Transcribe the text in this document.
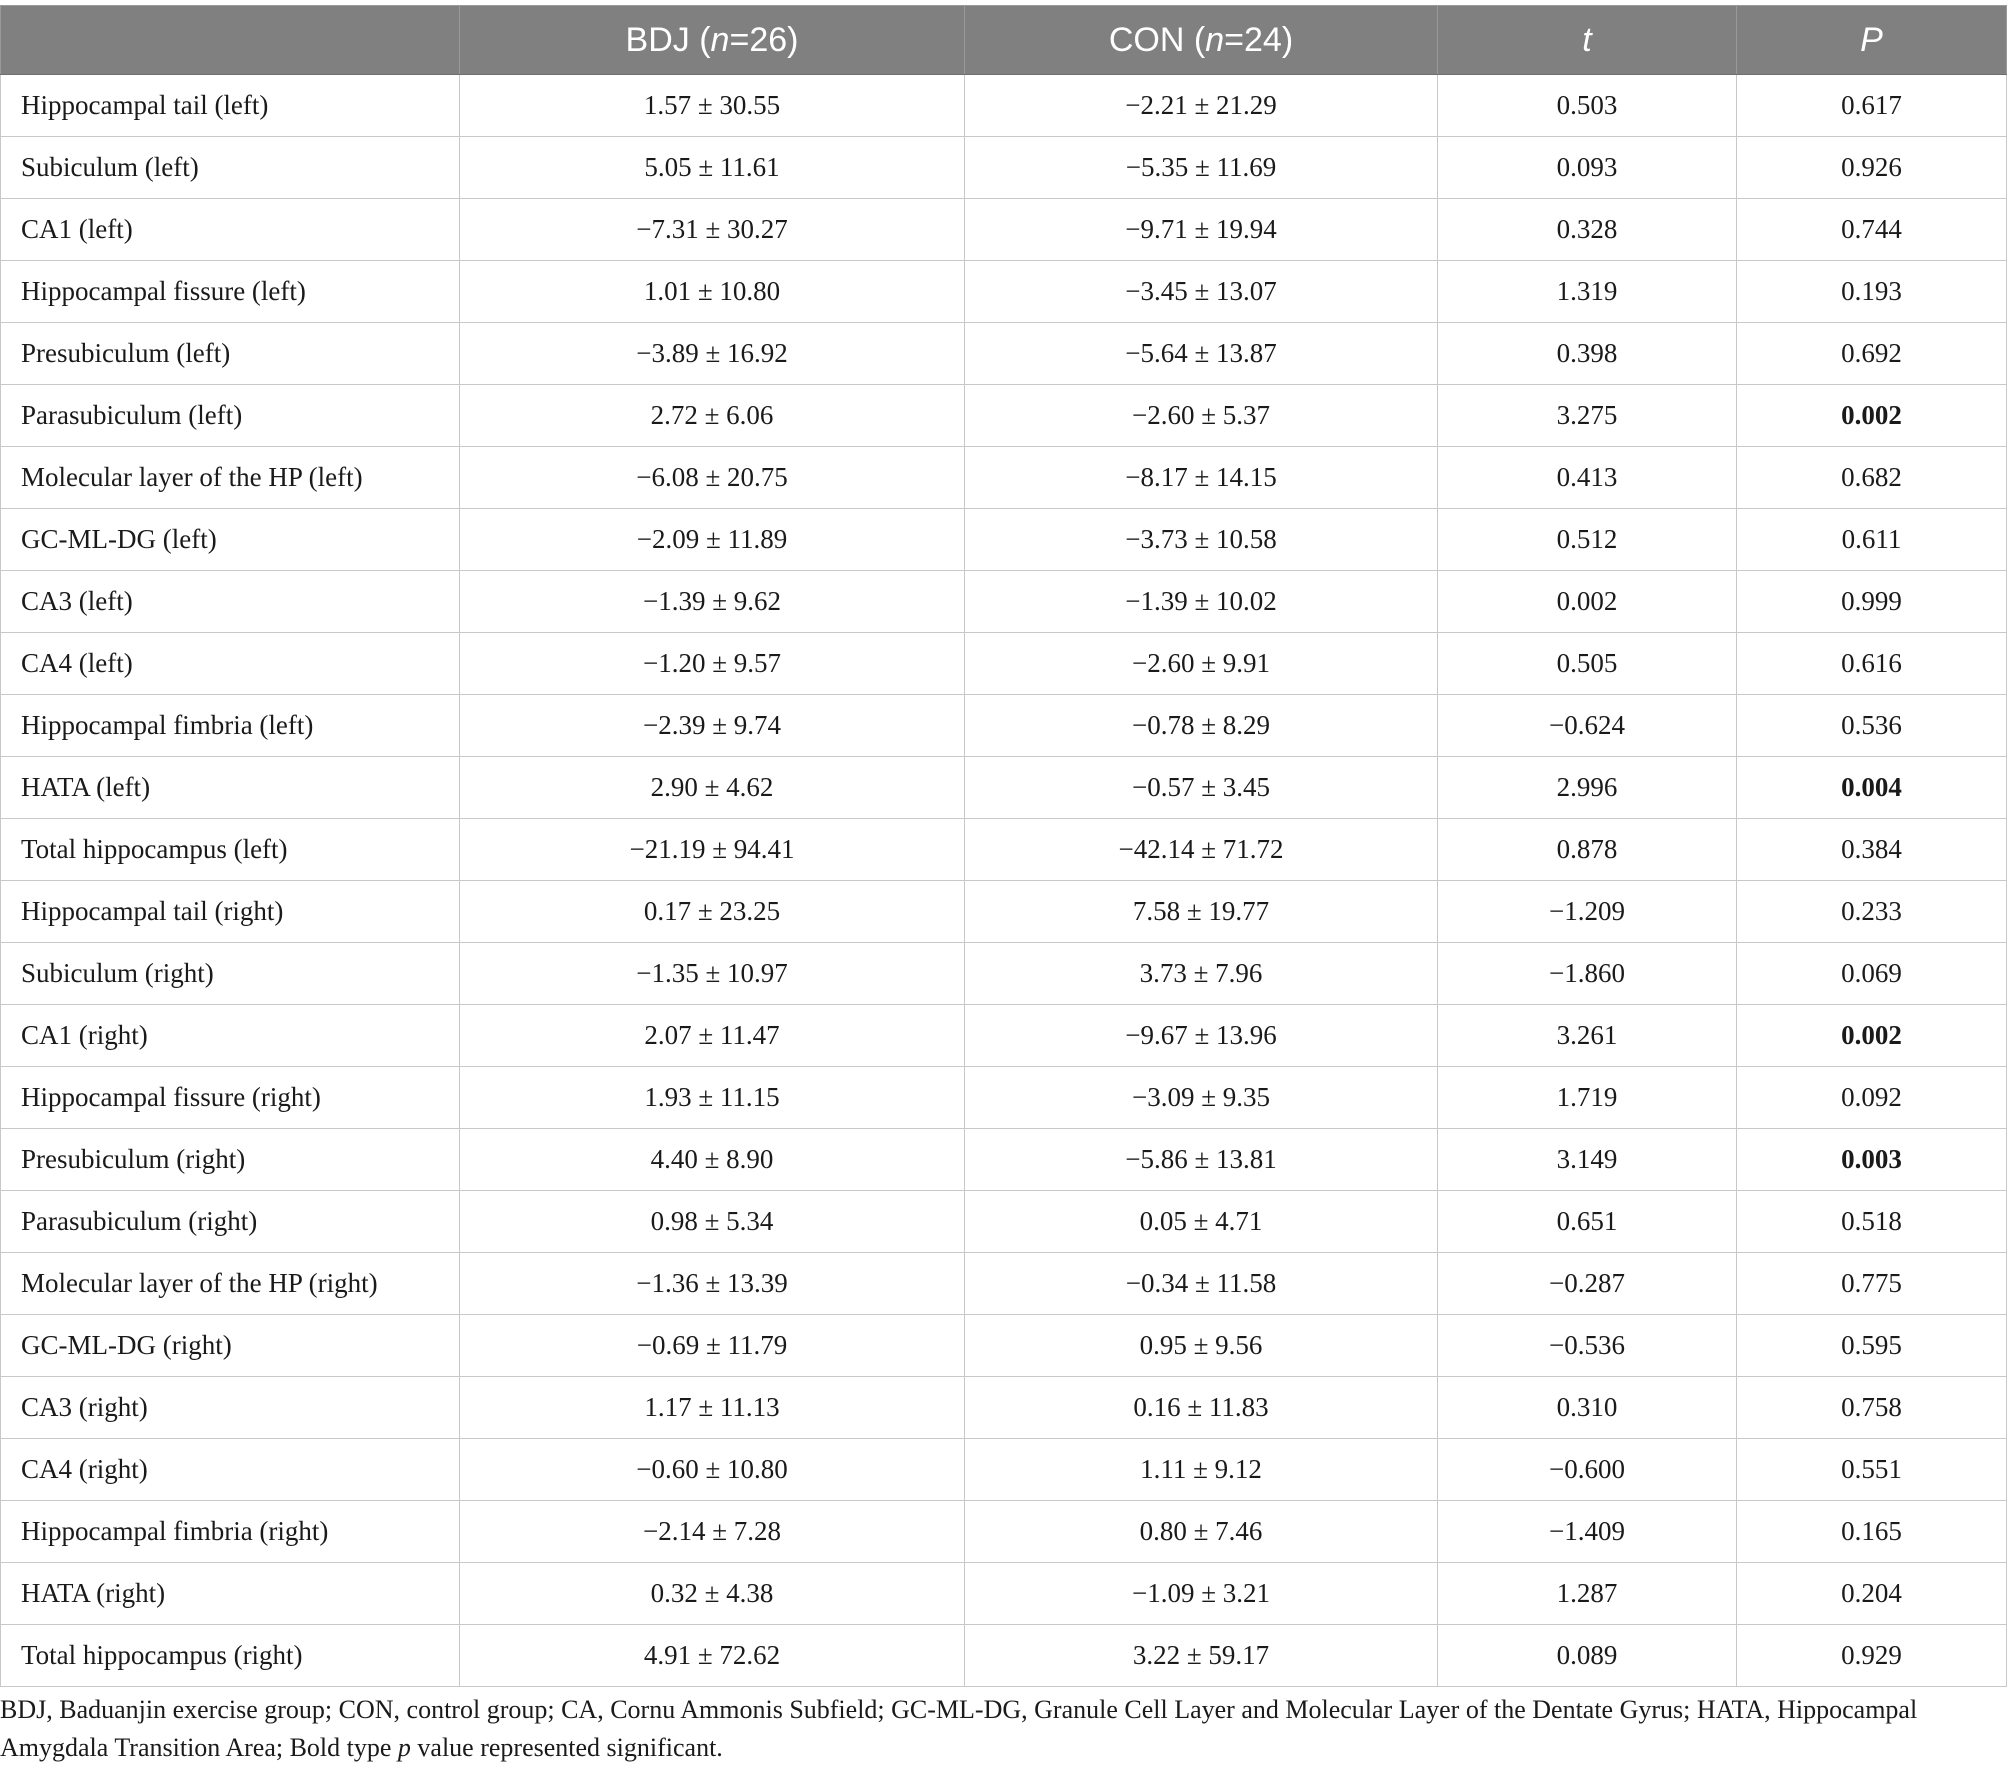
	BDJ (n=26)	CON (n=24)	t	P
Hippocampal tail (left)	1.57 ± 30.55	−2.21 ± 21.29	0.503	0.617
Subiculum (left)	5.05 ± 11.61	−5.35 ± 11.69	0.093	0.926
CA1 (left)	−7.31 ± 30.27	−9.71 ± 19.94	0.328	0.744
Hippocampal fissure (left)	1.01 ± 10.80	−3.45 ± 13.07	1.319	0.193
Presubiculum (left)	−3.89 ± 16.92	−5.64 ± 13.87	0.398	0.692
Parasubiculum (left)	2.72 ± 6.06	−2.60 ± 5.37	3.275	0.002
Molecular layer of the HP (left)	−6.08 ± 20.75	−8.17 ± 14.15	0.413	0.682
GC-ML-DG (left)	−2.09 ± 11.89	−3.73 ± 10.58	0.512	0.611
CA3 (left)	−1.39 ± 9.62	−1.39 ± 10.02	0.002	0.999
CA4 (left)	−1.20 ± 9.57	−2.60 ± 9.91	0.505	0.616
Hippocampal fimbria (left)	−2.39 ± 9.74	−0.78 ± 8.29	−0.624	0.536
HATA (left)	2.90 ± 4.62	−0.57 ± 3.45	2.996	0.004
Total hippocampus (left)	−21.19 ± 94.41	−42.14 ± 71.72	0.878	0.384
Hippocampal tail (right)	0.17 ± 23.25	7.58 ± 19.77	−1.209	0.233
Subiculum (right)	−1.35 ± 10.97	3.73 ± 7.96	−1.860	0.069
CA1 (right)	2.07 ± 11.47	−9.67 ± 13.96	3.261	0.002
Hippocampal fissure (right)	1.93 ± 11.15	−3.09 ± 9.35	1.719	0.092
Presubiculum (right)	4.40 ± 8.90	−5.86 ± 13.81	3.149	0.003
Parasubiculum (right)	0.98 ± 5.34	0.05 ± 4.71	0.651	0.518
Molecular layer of the HP (right)	−1.36 ± 13.39	−0.34 ± 11.58	−0.287	0.775
GC-ML-DG (right)	−0.69 ± 11.79	0.95 ± 9.56	−0.536	0.595
CA3 (right)	1.17 ± 11.13	0.16 ± 11.83	0.310	0.758
CA4 (right)	−0.60 ± 10.80	1.11 ± 9.12	−0.600	0.551
Hippocampal fimbria (right)	−2.14 ± 7.28	0.80 ± 7.46	−1.409	0.165
HATA (right)	0.32 ± 4.38	−1.09 ± 3.21	1.287	0.204
Total hippocampus (right)	4.91 ± 72.62	3.22 ± 59.17	0.089	0.929
BDJ, Baduanjin exercise group; CON, control group; CA, Cornu Ammonis Subfield; GC-ML-DG, Granule Cell Layer and Molecular Layer of the Dentate Gyrus; HATA, Hippocampal Amygdala Transition Area; Bold type p value represented significant.
